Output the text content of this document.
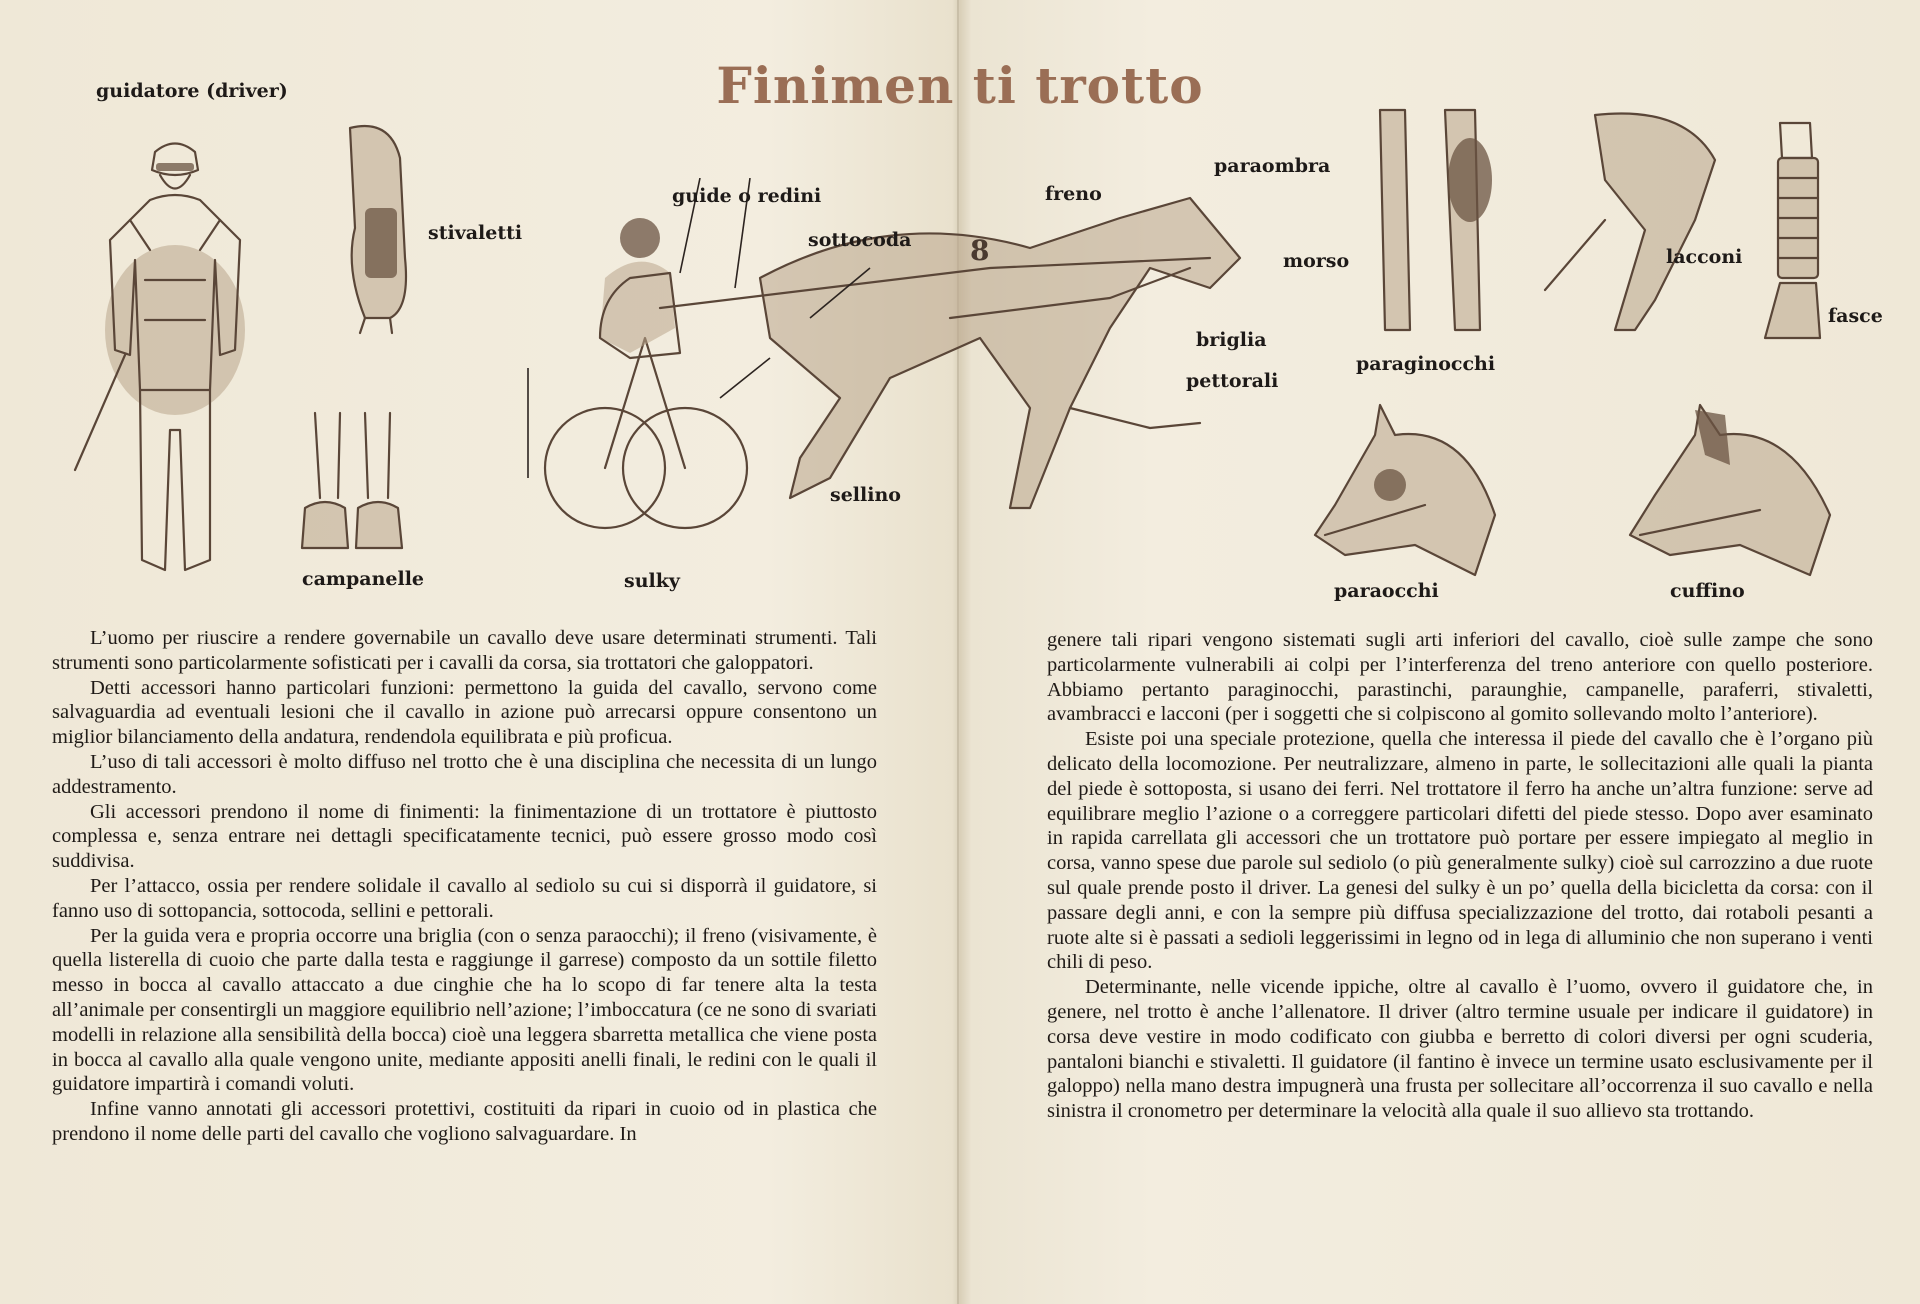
Finimen ti trotto
8
guidatore (driver)
stivaletti
campanelle
guide o redini
sottocoda
sulky
sellino
freno
paraombra
morso
briglia
pettorali
paraginocchi
lacconi
fasce
paraocchi	cuffino

L’uomo per riuscire a rendere governabile un cavallo deve usare determinati strumenti. Tali strumenti sono particolarmente sofisticati per i cavalli da corsa, sia trottatori che galoppatori.

Detti accessori hanno particolari funzioni: permettono la guida del cavallo, servono come salvaguardia ad eventuali lesioni che il cavallo in azione può arrecarsi oppure consentono un miglior bilanciamento della andatura, rendendola equilibrata e più proficua.

L’uso di tali accessori è molto diffuso nel trotto che è una disciplina che necessita di un lungo addestramento.

Gli accessori prendono il nome di finimenti: la finimentazione di un trottatore è piuttosto complessa e, senza entrare nei dettagli specificatamente tecnici, può essere grosso modo così suddivisa.

Per l’attacco, ossia per rendere solidale il cavallo al sediolo su cui si disporrà il guidatore, si fanno uso di sottopancia, sottocoda, sellini e pettorali.

Per la guida vera e propria occorre una briglia (con o senza paraocchi); il freno (visivamente, è quella listerella di cuoio che parte dalla testa e raggiunge il garrese) composto da un sottile filetto messo in bocca al cavallo attaccato a due cinghie che ha lo scopo di far tenere alta la testa all’animale per consentirgli un maggiore equilibrio nell’azione; l’imboccatura (ce ne sono di svariati modelli in relazione alla sensibilità della bocca) cioè una leggera sbarretta metallica che viene posta in bocca al cavallo alla quale vengono unite, mediante appositi anelli finali, le redini con le quali il guidatore impartirà i comandi voluti.

Infine vanno annotati gli accessori protettivi, costituiti da ripari in cuoio od in plastica che prendono il nome delle parti del cavallo che vogliono salvaguardare. In

genere tali ripari vengono sistemati sugli arti inferiori del cavallo, cioè sulle zampe che sono particolarmente vulnerabili ai colpi per l’interferenza del treno anteriore con quello posteriore. Abbiamo pertanto paraginocchi, parastinchi, paraunghie, campanelle, paraferri, stivaletti, avambracci e lacconi (per i soggetti che si colpiscono al gomito sollevando molto l’anteriore).

Esiste poi una speciale protezione, quella che interessa il piede del cavallo che è l’organo più delicato della locomozione. Per neutralizzare, almeno in parte, le sollecitazioni alle quali la pianta del piede è sottoposta, si usano dei ferri. Nel trottatore il ferro ha anche un’altra funzione: serve ad equilibrare meglio l’azione o a correggere particolari difetti del piede stesso. Dopo aver esaminato in rapida carrellata gli accessori che un trottatore può portare per essere impiegato al meglio in corsa, vanno spese due parole sul sediolo (o più generalmente sulky) cioè sul carrozzino a due ruote sul quale prende posto il driver. La genesi del sulky è un po’ quella della bicicletta da corsa: con il passare degli anni, e con la sempre più diffusa specializzazione del trotto, dai rotaboli pesanti a ruote alte si è passati a sedioli leggerissimi in legno od in lega di alluminio che non superano i venti chili di peso.

Determinante, nelle vicende ippiche, oltre al cavallo è l’uomo, ovvero il guidatore che, in genere, nel trotto è anche l’allenatore. Il driver (altro termine usuale per indicare il guidatore) in corsa deve vestire in modo codificato con giubba e berretto di colori diversi per ogni scuderia, pantaloni bianchi e stivaletti. Il guidatore (il fantino è invece un termine usato esclusivamente per il galoppo) nella mano destra impugnerà una frusta per sollecitare all’occorrenza il suo cavallo e nella sinistra il cronometro per determinare la velocità alla quale il suo allievo sta trottando.
